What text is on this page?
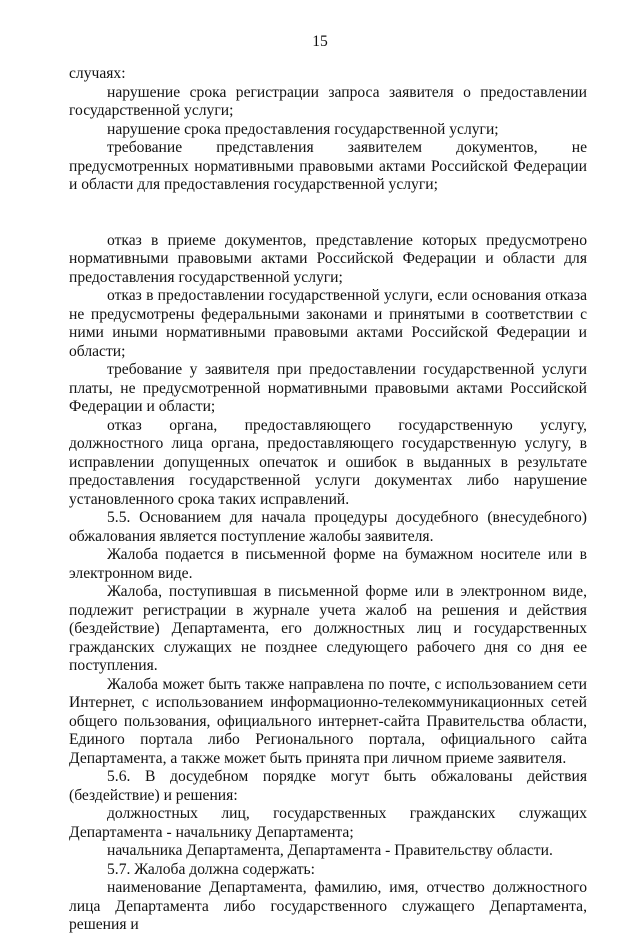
15

случаях:

нарушение срока регистрации запроса заявителя о предоставлении государственной услуги;

нарушение срока предоставления государственной услуги;

требование представления заявителем документов, не предусмотренных нормативными правовыми актами Российской Федерации и области для предоставления государственной услуги;

отказ в приеме документов, представление которых предусмотрено нормативными правовыми актами Российской Федерации и области для предоставления государственной услуги;

отказ в предоставлении государственной услуги, если основания отказа не предусмотрены федеральными законами и принятыми в соответствии с ними иными нормативными правовыми актами Российской Федерации и области;

требование у заявителя при предоставлении государственной услуги платы, не предусмотренной нормативными правовыми актами Российской Федерации и области;

отказ органа, предоставляющего государственную услугу, должностного лица органа, предоставляющего государственную услугу, в исправлении допущенных опечаток и ошибок в выданных в результате предоставления государственной услуги документах либо нарушение установленного срока таких исправлений.

5.5. Основанием для начала процедуры досудебного (внесудебного) обжалования является поступление жалобы заявителя.

Жалоба подается в письменной форме на бумажном носителе или в электронном виде.

Жалоба, поступившая в письменной форме или в электронном виде, подлежит регистрации в журнале учета жалоб на решения и действия (бездействие) Департамента, его должностных лиц и государственных гражданских служащих не позднее следующего рабочего дня со дня ее поступления.

Жалоба может быть также направлена по почте, с использованием сети Интернет, с использованием информационно-телекоммуникационных сетей общего пользования, официального интернет-сайта Правительства области, Единого портала либо Регионального портала, официального сайта Департамента, а также может быть принята при личном приеме заявителя.

5.6. В досудебном порядке могут быть обжалованы действия (бездействие) и решения:

должностных лиц, государственных гражданских служащих Департамента - начальнику Департамента;

начальника Департамента, Департамента - Правительству области.

5.7. Жалоба должна содержать:

наименование Департамента, фамилию, имя, отчество должностного лица Департамента либо государственного служащего Департамента, решения и
